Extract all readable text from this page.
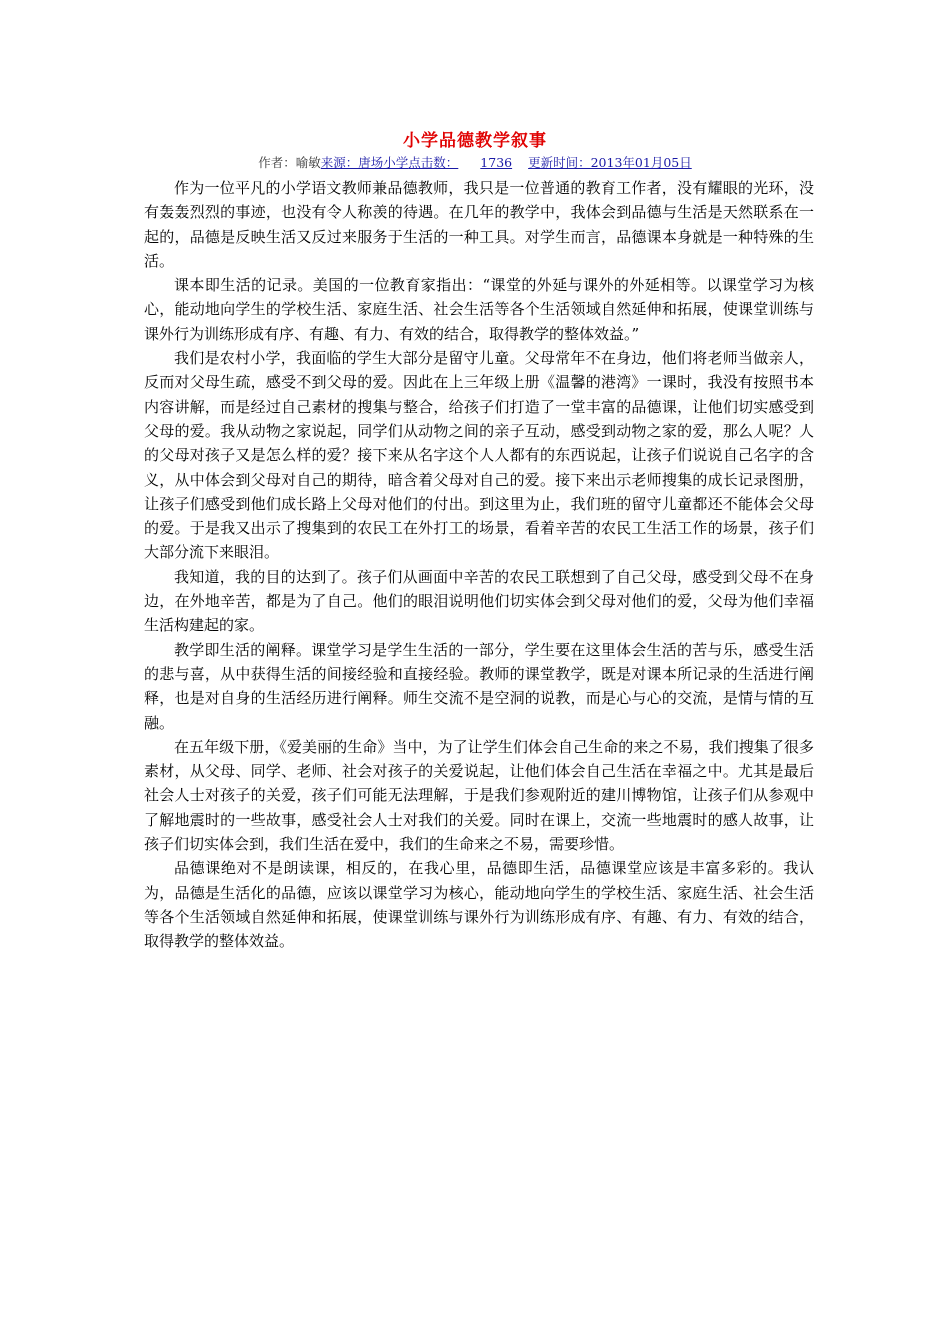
小学品德教学叙事
作者：喻敏来源：唐场小学点击数： 1736 更新时间：2013年01月05日

作为一位平凡的小学语文教师兼品德教师，我只是一位普通的教育工作者，没有耀眼的光环，没有轰轰烈烈的事迹，也没有令人称羡的待遇。在几年的教学中，我体会到品德与生活是天然联系在一起的，品德是反映生活又反过来服务于生活的一种工具。对学生而言，品德课本身就是一种特殊的生活。

课本即生活的记录。美国的一位教育家指出：“课堂的外延与课外的外延相等。以课堂学习为核心，能动地向学生的学校生活、家庭生活、社会生活等各个生活领域自然延伸和拓展，使课堂训练与课外行为训练形成有序、有趣、有力、有效的结合，取得教学的整体效益。”

我们是农村小学，我面临的学生大部分是留守儿童。父母常年不在身边，他们将老师当做亲人，反而对父母生疏，感受不到父母的爱。因此在上三年级上册《温馨的港湾》一课时，我没有按照书本内容讲解，而是经过自己素材的搜集与整合，给孩子们打造了一堂丰富的品德课，让他们切实感受到父母的爱。我从动物之家说起，同学们从动物之间的亲子互动，感受到动物之家的爱，那么人呢？人的父母对孩子又是怎么样的爱？接下来从名字这个人人都有的东西说起，让孩子们说说自己名字的含义，从中体会到父母对自己的期待，暗含着父母对自己的爱。接下来出示老师搜集的成长记录图册，让孩子们感受到他们成长路上父母对他们的付出。到这里为止，我们班的留守儿童都还不能体会父母的爱。于是我又出示了搜集到的农民工在外打工的场景，看着辛苦的农民工生活工作的场景，孩子们大部分流下来眼泪。

我知道，我的目的达到了。孩子们从画面中辛苦的农民工联想到了自己父母，感受到父母不在身边，在外地辛苦，都是为了自己。他们的眼泪说明他们切实体会到父母对他们的爱，父母为他们幸福生活构建起的家。

教学即生活的阐释。课堂学习是学生生活的一部分，学生要在这里体会生活的苦与乐，感受生活的悲与喜，从中获得生活的间接经验和直接经验。教师的课堂教学，既是对课本所记录的生活进行阐释，也是对自身的生活经历进行阐释。师生交流不是空洞的说教，而是心与心的交流，是情与情的互融。

在五年级下册，《爱美丽的生命》当中，为了让学生们体会自己生命的来之不易，我们搜集了很多素材，从父母、同学、老师、社会对孩子的关爱说起，让他们体会自己生活在幸福之中。尤其是最后社会人士对孩子的关爱，孩子们可能无法理解，于是我们参观附近的建川博物馆，让孩子们从参观中了解地震时的一些故事，感受社会人士对我们的关爱。同时在课上，交流一些地震时的感人故事，让孩子们切实体会到，我们生活在爱中，我们的生命来之不易，需要珍惜。

品德课绝对不是朗读课，相反的，在我心里，品德即生活，品德课堂应该是丰富多彩的。我认为，品德是生活化的品德，应该以课堂学习为核心，能动地向学生的学校生活、家庭生活、社会生活等各个生活领域自然延伸和拓展，使课堂训练与课外行为训练形成有序、有趣、有力、有效的结合，取得教学的整体效益。
